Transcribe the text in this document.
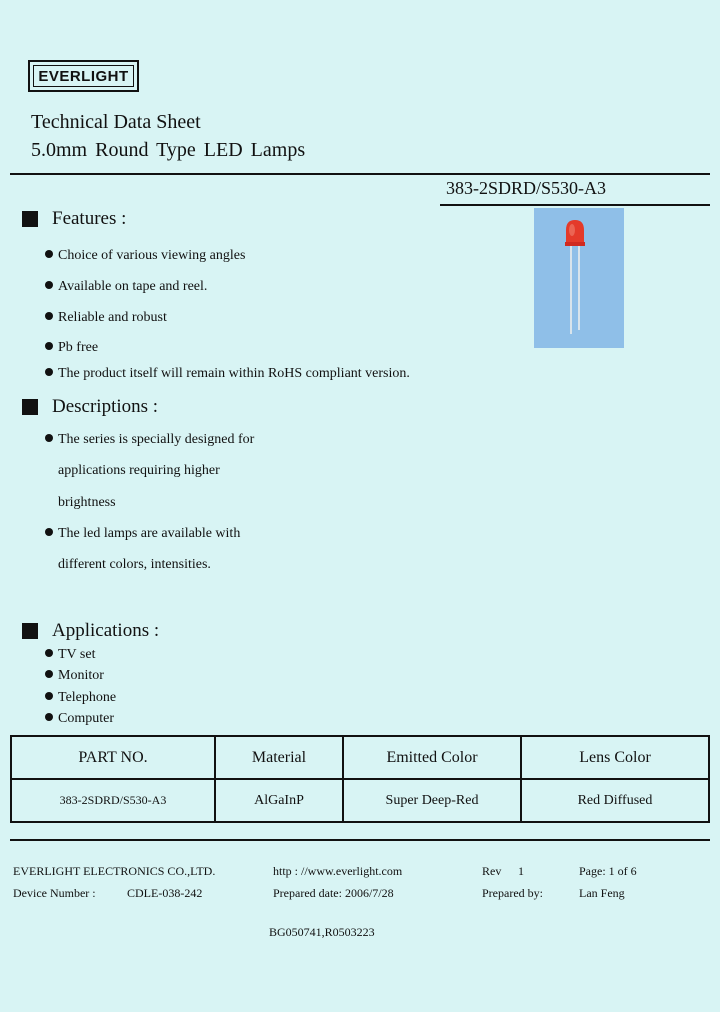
EVERLIGHT
Technical Data Sheet
5.0mm Round Type LED Lamps
383-2SDRD/S530-A3
Features :
Choice of various viewing angles
Available on tape and reel.
Reliable and robust
Pb free
The product itself will remain within RoHS compliant version.
Descriptions :
The series is specially designed for
applications requiring higher
brightness
The led lamps are available with
different colors, intensities.
Applications :
TV set
Monitor
Telephone
Computer
PART NO.	Material	Emitted Color	Lens Color
383-2SDRD/S530-A3	AlGaInP	Super Deep-Red	Red Diffused
EVERLIGHT ELECTRONICS CO.,LTD.	http : //www.everlight.com	Rev 1	Page: 1 of 6
Device Number :	CDLE-038-242	Prepared date: 2006/7/28	Prepared by:	Lan Feng
BG050741,R0503223
